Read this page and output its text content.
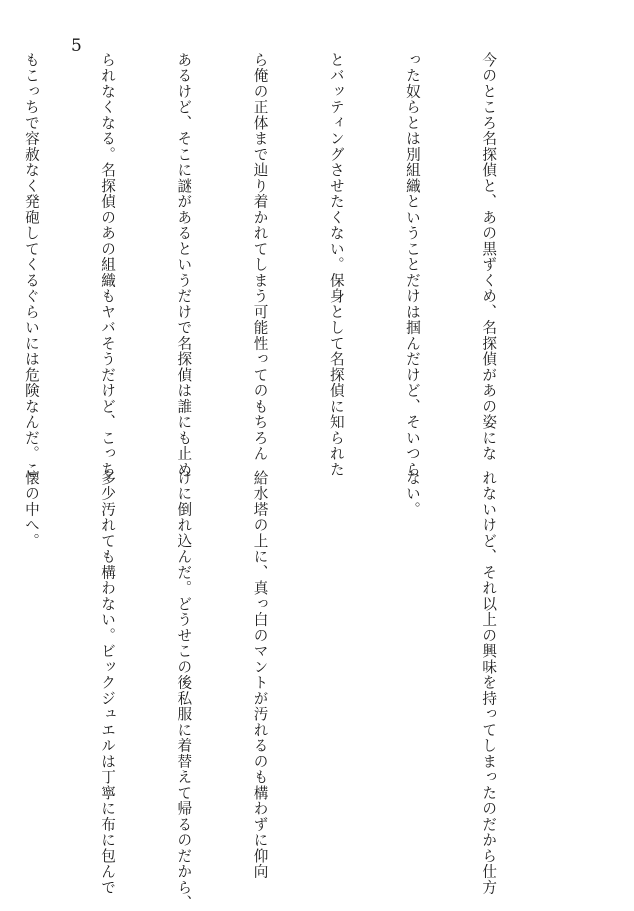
5

今のところ名探偵と、あの黒ずくめ、名探偵があの姿にな

った奴らとは別組織ということだけは掴んだけど、そいつら

とバッティングさせたくない。保身として名探偵に知られた

ら俺の正体まで辿り着かれてしまう可能性ってのもちろん

あるけど、そこに謎があるというだけで名探偵は誰にも止め

られなくなる。名探偵のあの組織もヤバそうだけど、こっち

もこっちで容赦なく発砲してくるぐらいには危険なんだ。こ

れないけど、それ以上の興味を持ってしまったのだから仕方

ない。

給水塔の上に、真っ白のマントが汚れるのも構わずに仰向

けに倒れ込んだ。どうせこの後私服に着替えて帰るのだから、

多少汚れても構わない。ビックジュエルは丁寧に布に包んで

懐の中へ。
